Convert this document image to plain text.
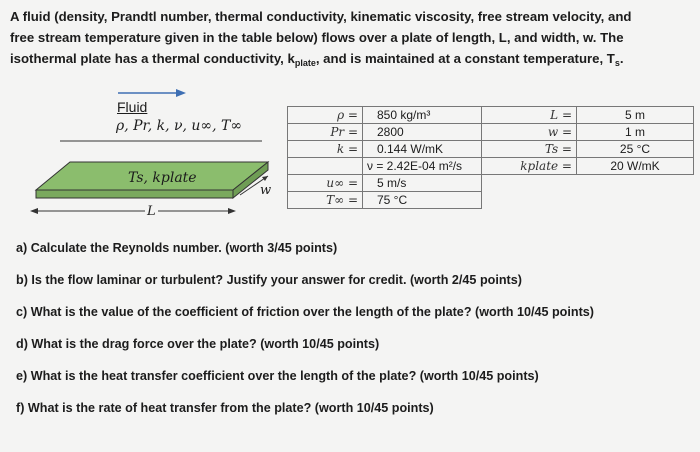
A fluid (density, Prandtl number, thermal conductivity, kinematic viscosity, free stream velocity, and
free stream temperature given in the table below) flows over a plate of length, L, and width, w. The
isothermal plate has a thermal conductivity, $k_{plate}$, and is maintained at a constant temperature, $T_s$.
Fluid
ρ, Pr, k, ν, u∞, T∞
Ts, kplate
w
L
ρ =	850 kg/m³	L =	5 m
Pr =	2800	w =	1 m
k =	0.144 W/mK	Ts =	25 °C
	ν = 2.42E-04 m²/s	kplate =	20 W/mK
u∞ =	5 m/s		
T∞ =	75 °C		
a) Calculate the Reynolds number. (worth 3/45 points)
b) Is the flow laminar or turbulent? Justify your answer for credit. (worth 2/45 points)
c) What is the value of the coefficient of friction over the length of the plate? (worth 10/45 points)
d) What is the drag force over the plate? (worth 10/45 points)
e) What is the heat transfer coefficient over the length of the plate? (worth 10/45 points)
f) What is the rate of heat transfer from the plate? (worth 10/45 points)
